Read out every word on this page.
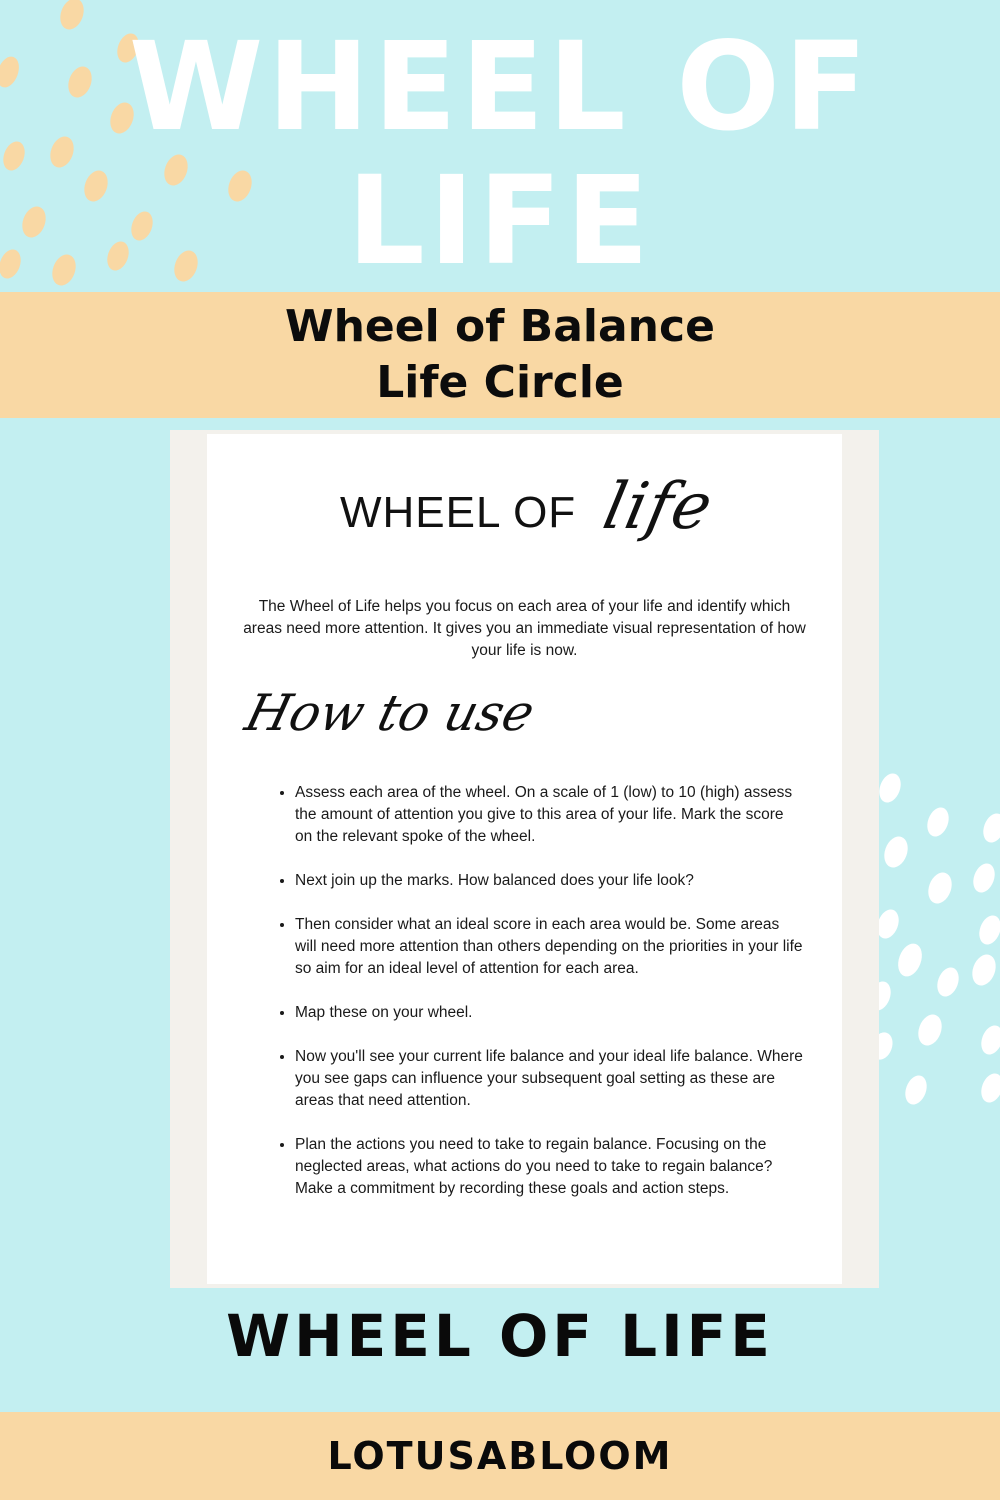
WHEEL OF
LIFE
Wheel of Balance
Life Circle
WHEEL OF life
The Wheel of Life helps you focus on each area of your life and identify which areas need more attention. It gives you an immediate visual representation of how your life is now.
How to use
• Assess each area of the wheel. On a scale of 1 (low) to 10 (high) assess the amount of attention you give to this area of your life. Mark the score on the relevant spoke of the wheel.
• Next join up the marks. How balanced does your life look?
• Then consider what an ideal score in each area would be. Some areas will need more attention than others depending on the priorities in your life so aim for an ideal level of attention for each area.
• Map these on your wheel.
• Now you'll see your current life balance and your ideal life balance. Where you see gaps can influence your subsequent goal setting as these are areas that need attention.
• Plan the actions you need to take to regain balance. Focusing on the neglected areas, what actions do you need to take to regain balance? Make a commitment by recording these goals and action steps.
WHEEL OF LIFE
LOTUSABLOOM
